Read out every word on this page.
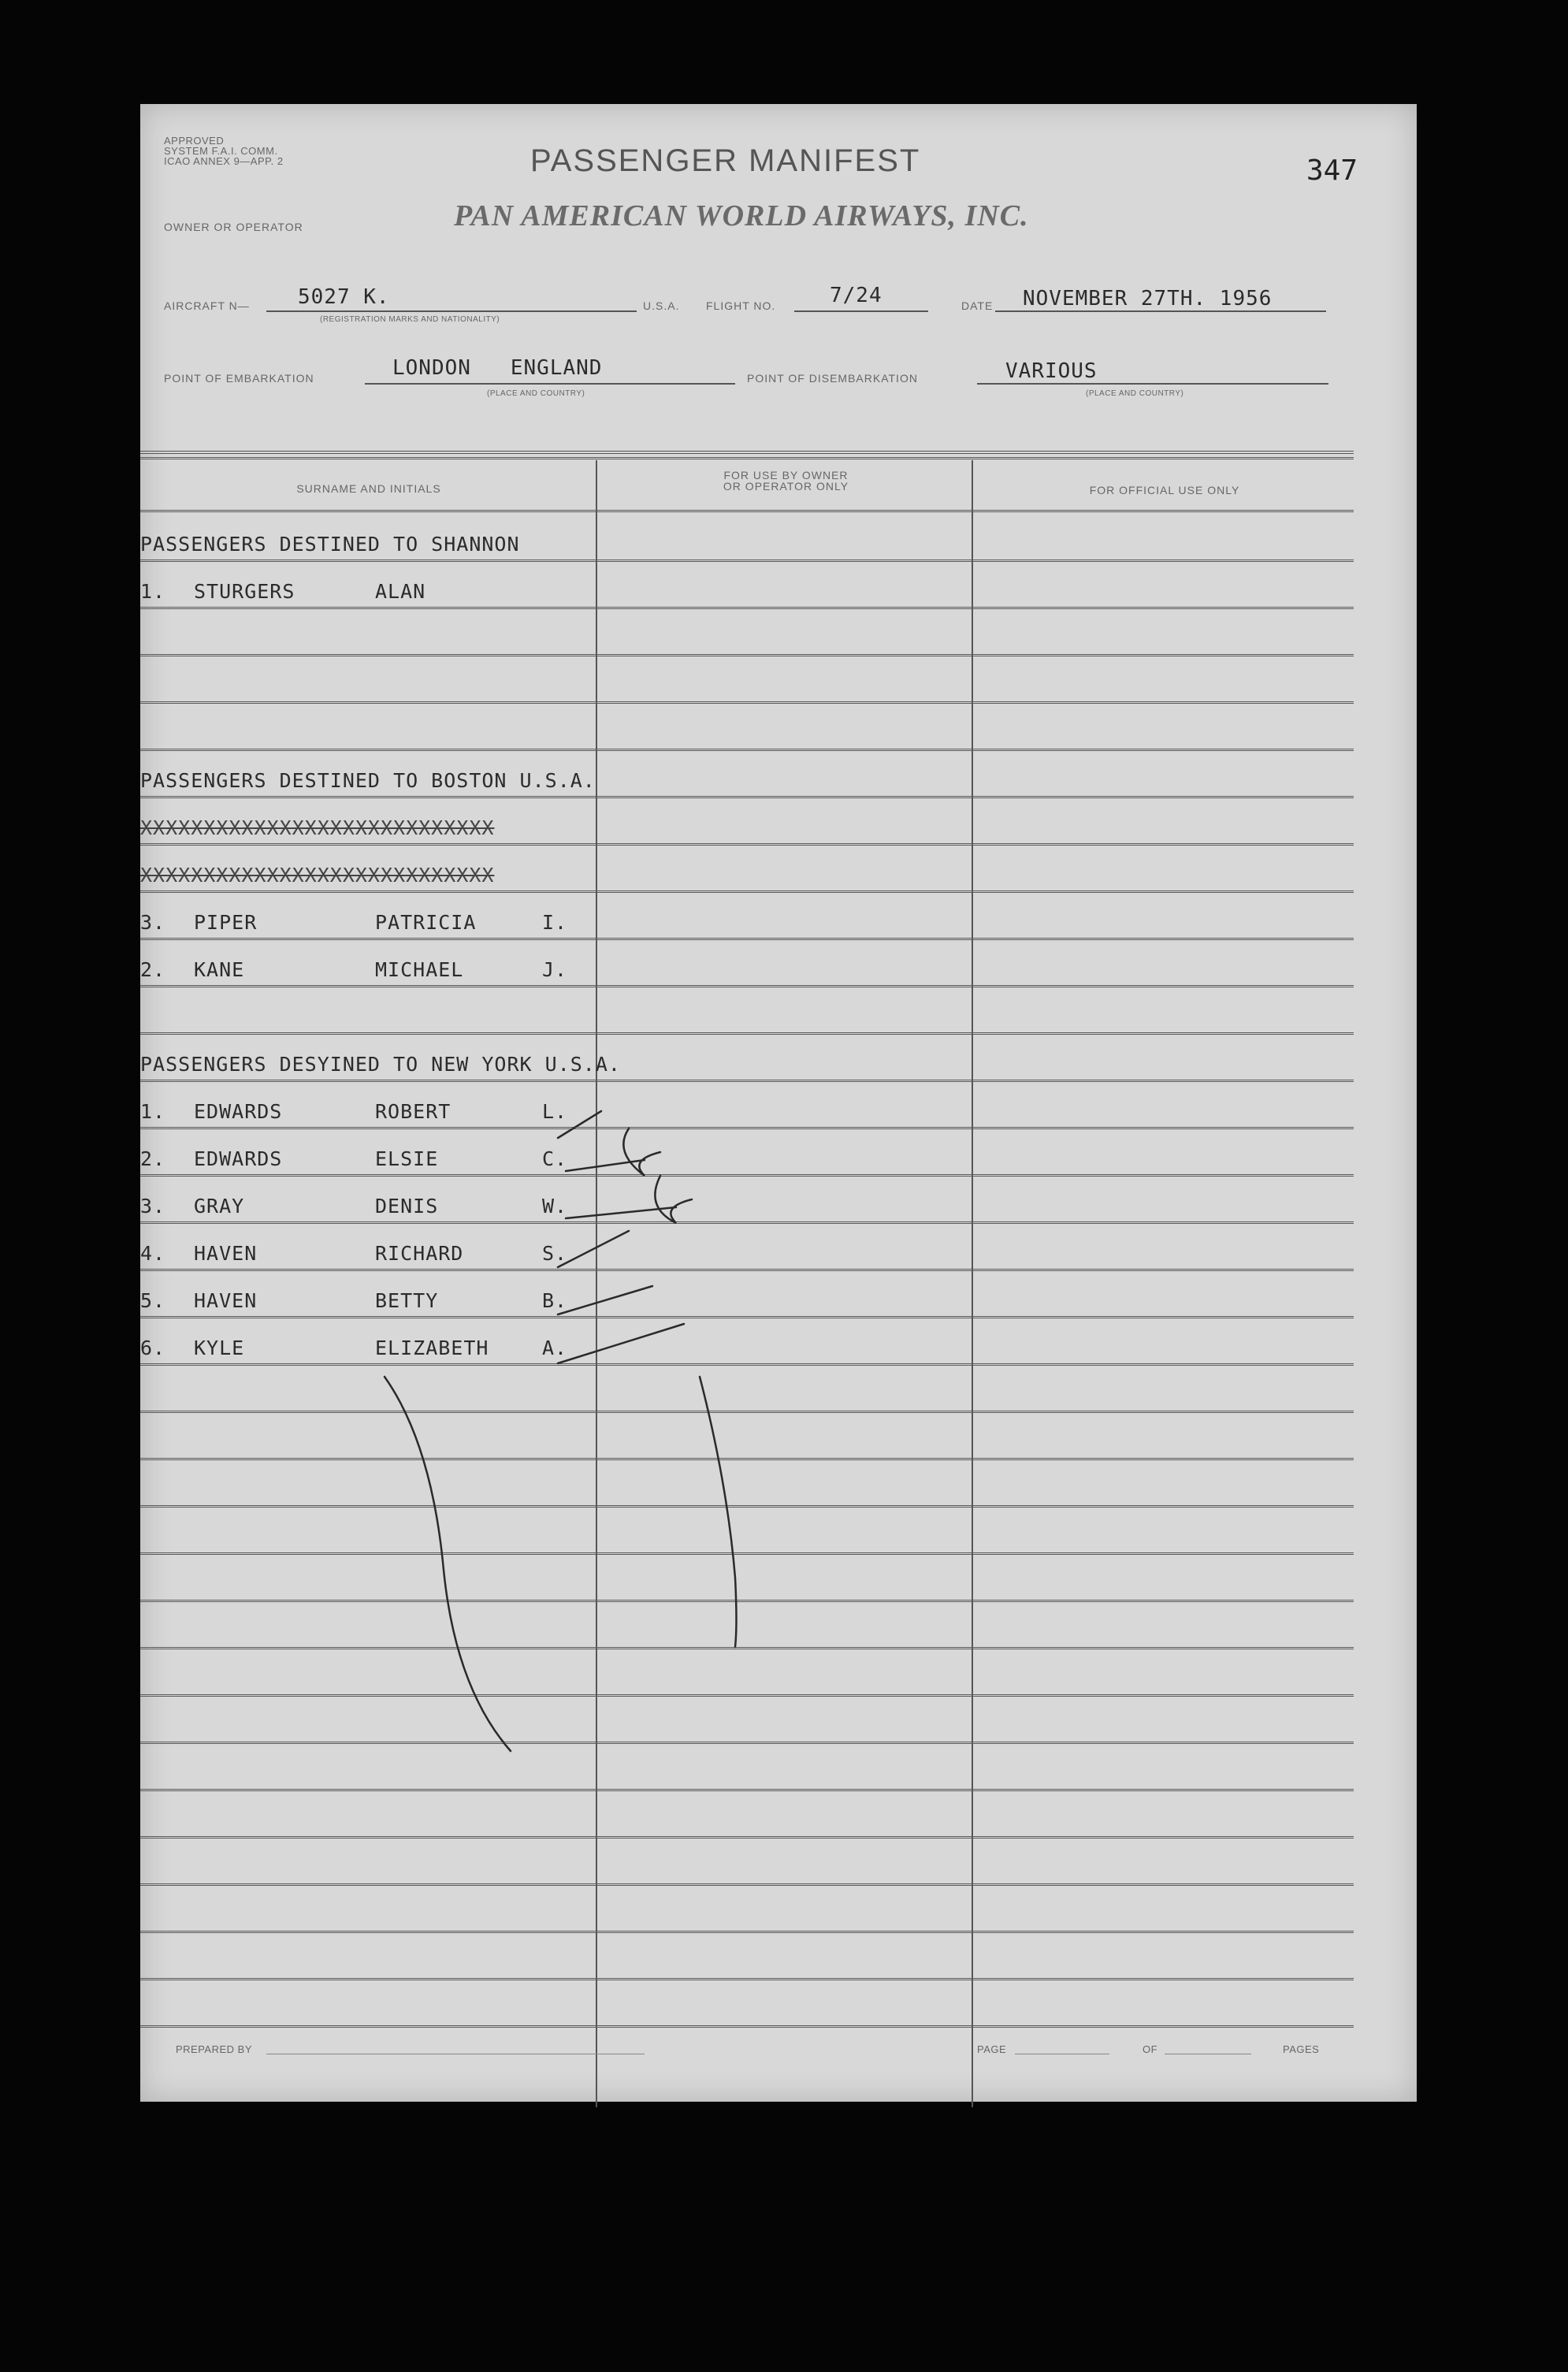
APPROVED
SYSTEM F.A.I. COMM.
ICAO ANNEX 9—APP. 2	PASSENGER MANIFEST	347
OWNER OR OPERATOR	PAN AMERICAN WORLD AIRWAYS, INC.
AIRCRAFT N— 5027 K.
(REGISTRATION MARKS AND NATIONALITY)
U.S.A. FLIGHT NO.	7/24	DATE NOVEMBER 27TH. 1956
POINT OF EMBARKATION	LONDON   ENGLAND
(PLACE AND COUNTRY)
POINT OF DISEMBARKATION	VARIOUS
(PLACE AND COUNTRY)
SURNAME AND INITIALS
FOR USE BY OWNER
OR OPERATOR ONLY	FOR OFFICIAL USE ONLY
PASSENGERS DESTINED TO SHANNON
1. STURGERS	ALAN
PASSENGERS DESTINED TO BOSTON U.S.A.
XXXXXXXXXXXXXXXXXXXXXXXXXXXX
XXXXXXXXXXXXXXXXXXXXXXXXXXXX
3. PIPER	PATRICIA	I.
2. KANE	MICHAEL	J.
PASSENGERS DESYINED TO NEW YORK U.S.A.
1. EDWARDS	ROBERT	L.
2. EDWARDS	ELSIE	C.
3. GRAY	DENIS	W.
4. HAVEN	RICHARD	S.
5. HAVEN	BETTY	B.
6. KYLE	ELIZABETH	A.
PREPARED BY	PAGE	OF	PAGES
